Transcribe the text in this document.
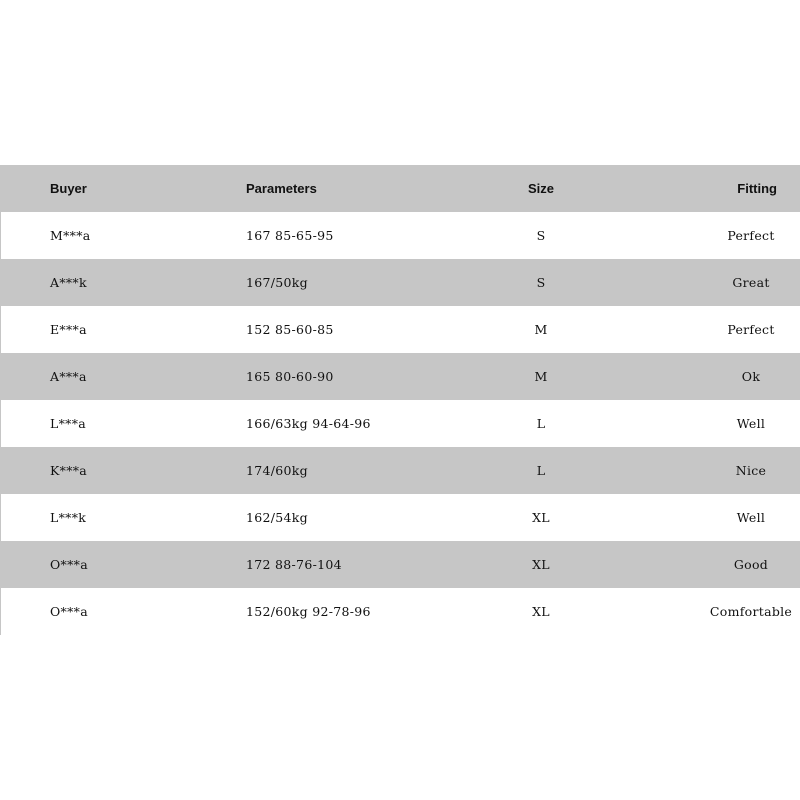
Buyer	Parameters	Size	Fitting
M***a	167 85-65-95	S	Perfect
A***k	167/50kg	S	Great
E***a	152 85-60-85	M	Perfect
A***a	165 80-60-90	M	Ok
L***a	166/63kg 94-64-96	L	Well
K***a	174/60kg	L	Nice
L***k	162/54kg	XL	Well
O***a	172 88-76-104	XL	Good
O***a	152/60kg 92-78-96	XL	Comfortable
